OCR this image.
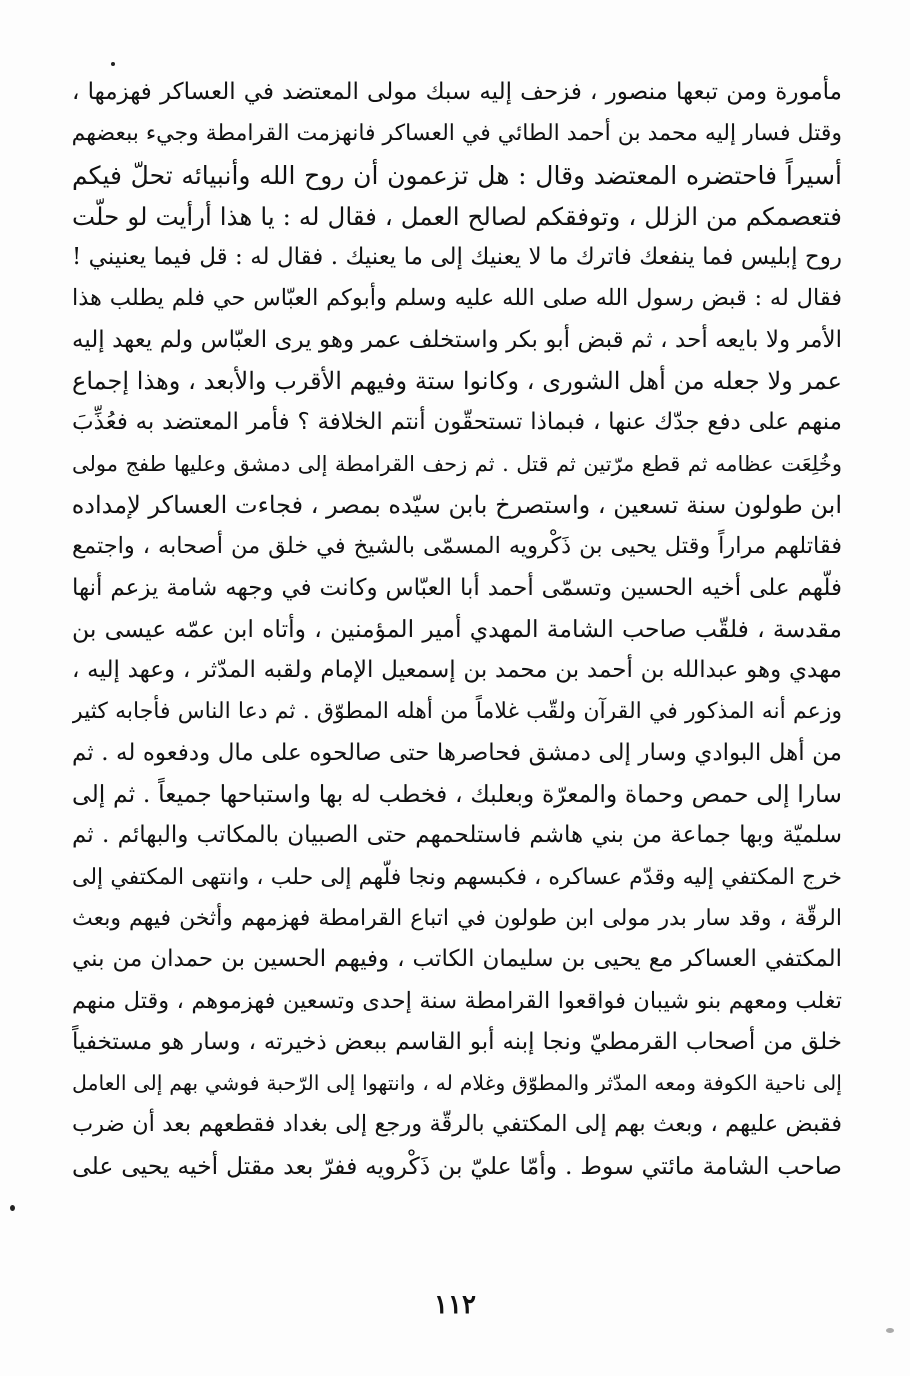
مأمورة ومن تبعها منصور ، فزحف إليه سبك مولى المعتضد في العساكر فهزمها ،
وقتل فسار إليه محمد بن أحمد الطائي في العساكر فانهزمت القرامطة وجيء ببعضهم
أسيراً فاحتضره المعتضد وقال : هل تزعمون أن روح الله وأنبيائه تحلّ فيكم
فتعصمكم من الزلل ، وتوفقكم لصالح العمل ، فقال له : يا هذا أرأيت لو حلّت
روح إبليس فما ينفعك فاترك ما لا يعنيك إلى ما يعنيك . فقال له : قل فيما يعنيني !
فقال له : قبض رسول الله صلى الله عليه وسلم وأبوكم العبّاس حي فلم يطلب هذا
الأمر ولا بايعه أحد ، ثم قبض أبو بكر واستخلف عمر وهو يرى العبّاس ولم يعهد إليه
عمر ولا جعله من أهل الشورى ، وكانوا ستة وفيهم الأقرب والأبعد ، وهذا إجماع
منهم على دفع جدّك عنها ، فبماذا تستحقّون أنتم الخلافة ؟ فأمر المعتضد به فعُذِّبَ
وخُلِعَت عظامه ثم قطع مرّتين ثم قتل . ثم زحف القرامطة إلى دمشق وعليها طفج مولى
ابن طولون سنة تسعين ، واستصرخ بابن سيّده بمصر ، فجاءت العساكر لإمداده
فقاتلهم مراراً وقتل يحيى بن ذَكْرويه المسمّى بالشيخ في خلق من أصحابه ، واجتمع
فلّهم على أخيه الحسين وتسمّى أحمد أبا العبّاس وكانت في وجهه شامة يزعم أنها
مقدسة ، فلقّب صاحب الشامة المهدي أمير المؤمنين ، وأتاه ابن عمّه عيسى بن
مهدي وهو عبدالله بن أحمد بن محمد بن إسمعيل الإمام ولقبه المدّثر ، وعهد إليه ،
وزعم أنه المذكور في القرآن ولقّب غلاماً من أهله المطوّق . ثم دعا الناس فأجابه كثير
من أهل البوادي وسار إلى دمشق فحاصرها حتى صالحوه على مال ودفعوه له . ثم
سارا إلى حمص وحماة والمعرّة وبعلبك ، فخطب له بها واستباحها جميعاً . ثم إلى
سلميّة وبها جماعة من بني هاشم فاستلحمهم حتى الصبيان بالمكاتب والبهائم . ثم
خرج المكتفي إليه وقدّم عساكره ، فكبسهم ونجا فلّهم إلى حلب ، وانتهى المكتفي إلى
الرقّة ، وقد سار بدر مولى ابن طولون في اتباع القرامطة فهزمهم وأثخن فيهم وبعث
المكتفي العساكر مع يحيى بن سليمان الكاتب ، وفيهم الحسين بن حمدان من بني
تغلب ومعهم بنو شيبان فواقعوا القرامطة سنة إحدى وتسعين فهزموهم ، وقتل منهم
خلق من أصحاب القرمطيّ ونجا إبنه أبو القاسم ببعض ذخيرته ، وسار هو مستخفياً
إلى ناحية الكوفة ومعه المدّثر والمطوّق وغلام له ، وانتهوا إلى الرّحبة فوشي بهم إلى العامل
فقبض عليهم ، وبعث بهم إلى المكتفي بالرقّة ورجع إلى بغداد فقطعهم بعد أن ضرب
صاحب الشامة مائتي سوط . وأمّا عليّ بن ذَكْرويه ففرّ بعد مقتل أخيه يحيى على
١١٢
